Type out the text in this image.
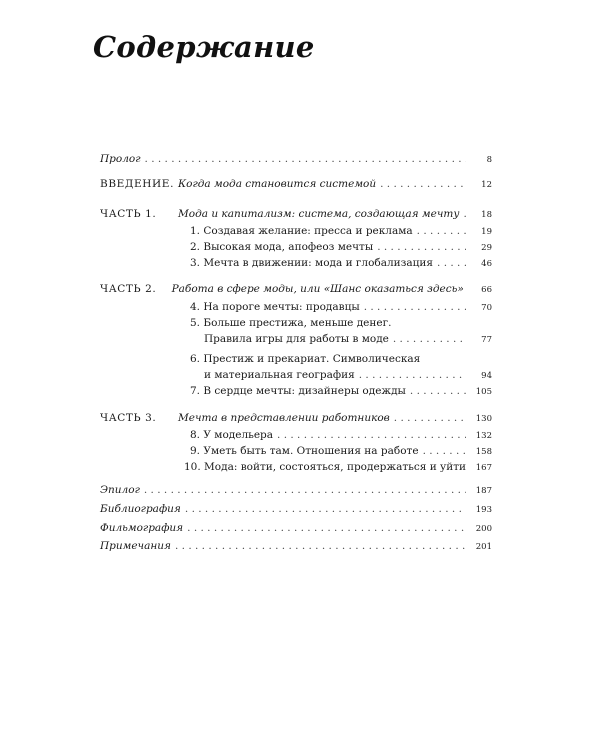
Содержание
Пролог . . .	8
ВВЕДЕНИЕ. Когда мода становится системой . . .	12
ЧАСТЬ 1.	Мода и капитализм: система, создающая мечту . . .	18
1. Создавая желание: пресса и реклама . . .	19
2. Высокая мода, апофеоз мечты . . .	29
3. Мечта в движении: мода и глобализация . . .	46
ЧАСТЬ 2.	Работа в сфере моды, или «Шанс оказаться здесь»	66
4. На пороге мечты: продавцы . . .	70
5. Больше престижа, меньше денег.
Правила игры для работы в моде . . .	77
6. Престиж и прекариат. Символическая
и материальная география . . .	94
7. В сердце мечты: дизайнеры одежды . . .	105
ЧАСТЬ 3.	Мечта в представлении работников . . .	130
8. У модельера . . .	132
9. Уметь быть там. Отношения на работе . . .	158
10. Мода: войти, состояться, продержаться и уйти 167
Эпилог . . .	187
Библиография . . .	193
Фильмография . . .	200
Примечания . . .	201
